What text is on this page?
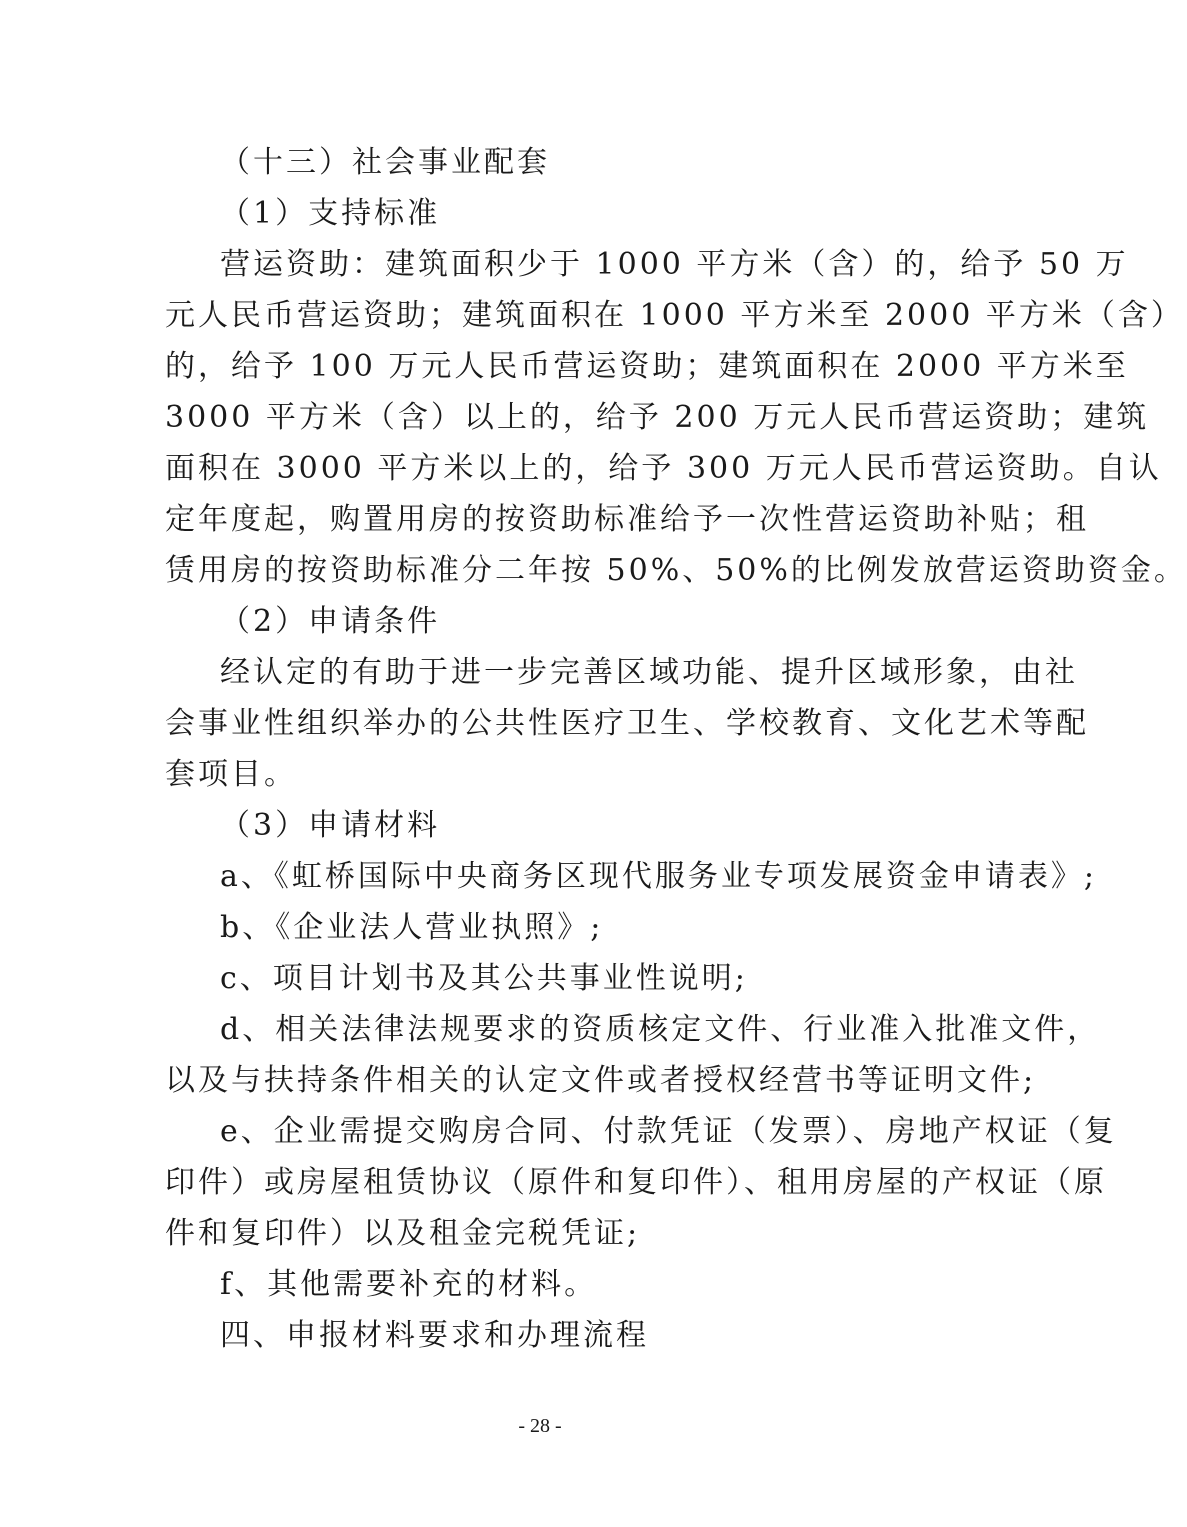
（十三）社会事业配套
（1）支持标准
营运资助：建筑面积少于 1000 平方米（含）的，给予 50 万
元人民币营运资助；建筑面积在 1000 平方米至 2000 平方米（含）
的，给予 100 万元人民币营运资助；建筑面积在 2000 平方米至
3000 平方米（含）以上的，给予 200 万元人民币营运资助；建筑
面积在 3000 平方米以上的，给予 300 万元人民币营运资助。自认
定年度起，购置用房的按资助标准给予一次性营运资助补贴；租
赁用房的按资助标准分二年按 50%、50%的比例发放营运资助资金。
（2）申请条件
经认定的有助于进一步完善区域功能、提升区域形象，由社
会事业性组织举办的公共性医疗卫生、学校教育、文化艺术等配
套项目。
（3）申请材料
a、《虹桥国际中央商务区现代服务业专项发展资金申请表》;
b、《企业法人营业执照》;
c、项目计划书及其公共事业性说明;
d、相关法律法规要求的资质核定文件、行业准入批准文件，
以及与扶持条件相关的认定文件或者授权经营书等证明文件;
e、企业需提交购房合同、付款凭证（发票）、房地产权证（复
印件）或房屋租赁协议（原件和复印件）、租用房屋的产权证（原
件和复印件）以及租金完税凭证;
f、其他需要补充的材料。
四、申报材料要求和办理流程
- 28 -
